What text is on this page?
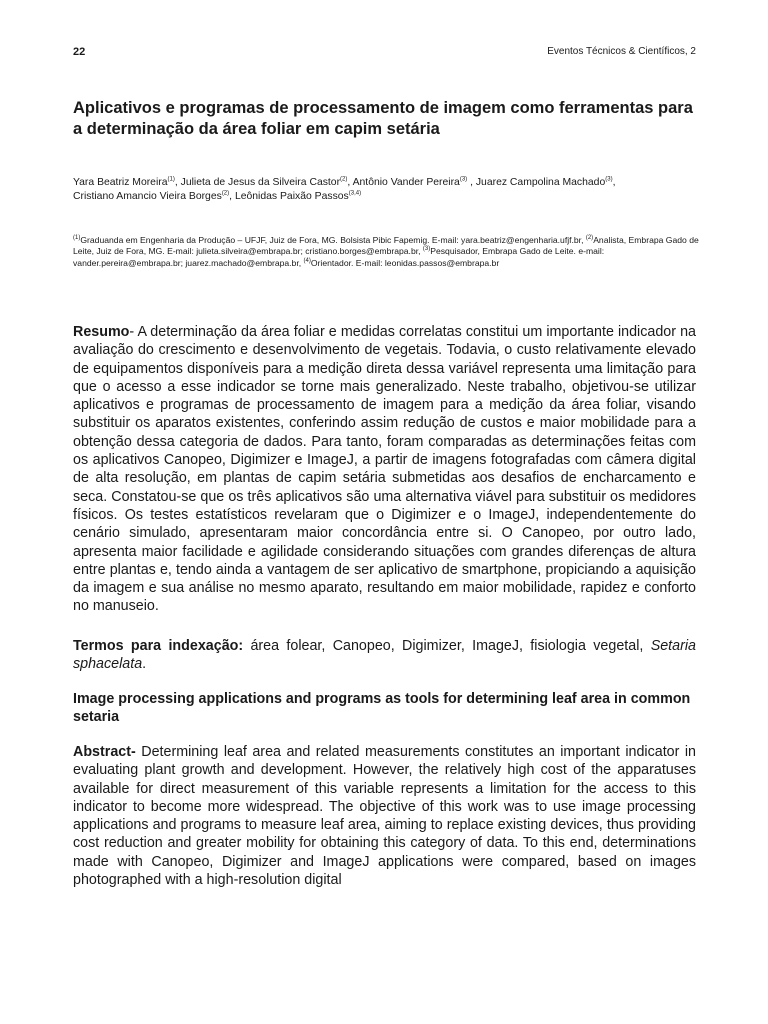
22	Eventos Técnicos & Científicos, 2
Aplicativos e programas de processamento de imagem como ferramentas para a determinação da área foliar em capim setária
Yara Beatriz Moreira$^{(1)}$, Julieta de Jesus da Silveira Castor$^{(2)}$, Antônio Vander Pereira$^{(3)}$ , Juarez Campolina Machado$^{(3)}$,
Cristiano Amancio Vieira Borges$^{(2)}$, Leônidas Paixão Passos$^{(3,4)}$
$^{(1)}$Graduanda em Engenharia da Produção – UFJF, Juiz de Fora, MG. Bolsista Pibic Fapemig. E-mail: yara.beatriz@engenharia.ufjf.br, $^{(2)}$Analista, Embrapa Gado de Leite, Juiz de Fora, MG. E-mail: julieta.silveira@embrapa.br; cristiano.borges@embrapa.br, $^{(3)}$Pesquisador, Embrapa Gado de Leite. e-mail: vander.pereira@embrapa.br; juarez.machado@embrapa.br, $^{(4)}$Orientador. E-mail: leonidas.passos@embrapa.br

Resumo- A determinação da área foliar e medidas correlatas constitui um importante indicador na avaliação do crescimento e desenvolvimento de vegetais. Todavia, o custo relativamente elevado de equipamentos disponíveis para a medição direta dessa variável representa uma limitação para que o acesso a esse indicador se torne mais generalizado. Neste trabalho, objetivou-se utilizar aplicativos e programas de processamento de imagem para a medição da área foliar, visando substituir os aparatos existentes, conferindo assim redução de custos e maior mobilidade para a obtenção dessa categoria de dados. Para tanto, foram comparadas as determinações feitas com os aplicativos Canopeo, Digimizer e ImageJ, a partir de imagens fotografadas com câmera digital de alta resolução, em plantas de capim setária submetidas aos desafios de encharcamento e seca. Constatou-se que os três aplicativos são uma alternativa viável para substituir os medidores físicos. Os testes estatísticos revelaram que o Digimizer e o ImageJ, independentemente do cenário simulado, apresentaram maior concordância entre si. O Canopeo, por outro lado, apresenta maior facilidade e agilidade considerando situações com grandes diferenças de altura entre plantas e, tendo ainda a vantagem de ser aplicativo de smartphone, propiciando a aquisição da imagem e sua análise no mesmo aparato, resultando em maior mobilidade, rapidez e conforto no manuseio.

Termos para indexação: área folear, Canopeo, Digimizer, ImageJ, fisiologia vegetal, Setaria sphacelata.

Image processing applications and programs as tools for determining leaf area in common setaria

Abstract- Determining leaf area and related measurements constitutes an important indicator in evaluating plant growth and development. However, the relatively high cost of the apparatuses available for direct measurement of this variable represents a limitation for the access to this indicator to become more widespread. The objective of this work was to use image processing applications and programs to measure leaf area, aiming to replace existing devices, thus providing cost reduction and greater mobility for obtaining this category of data. To this end, determinations made with Canopeo, Digimizer and ImageJ applications were compared, based on images photographed with a high-resolution digital
